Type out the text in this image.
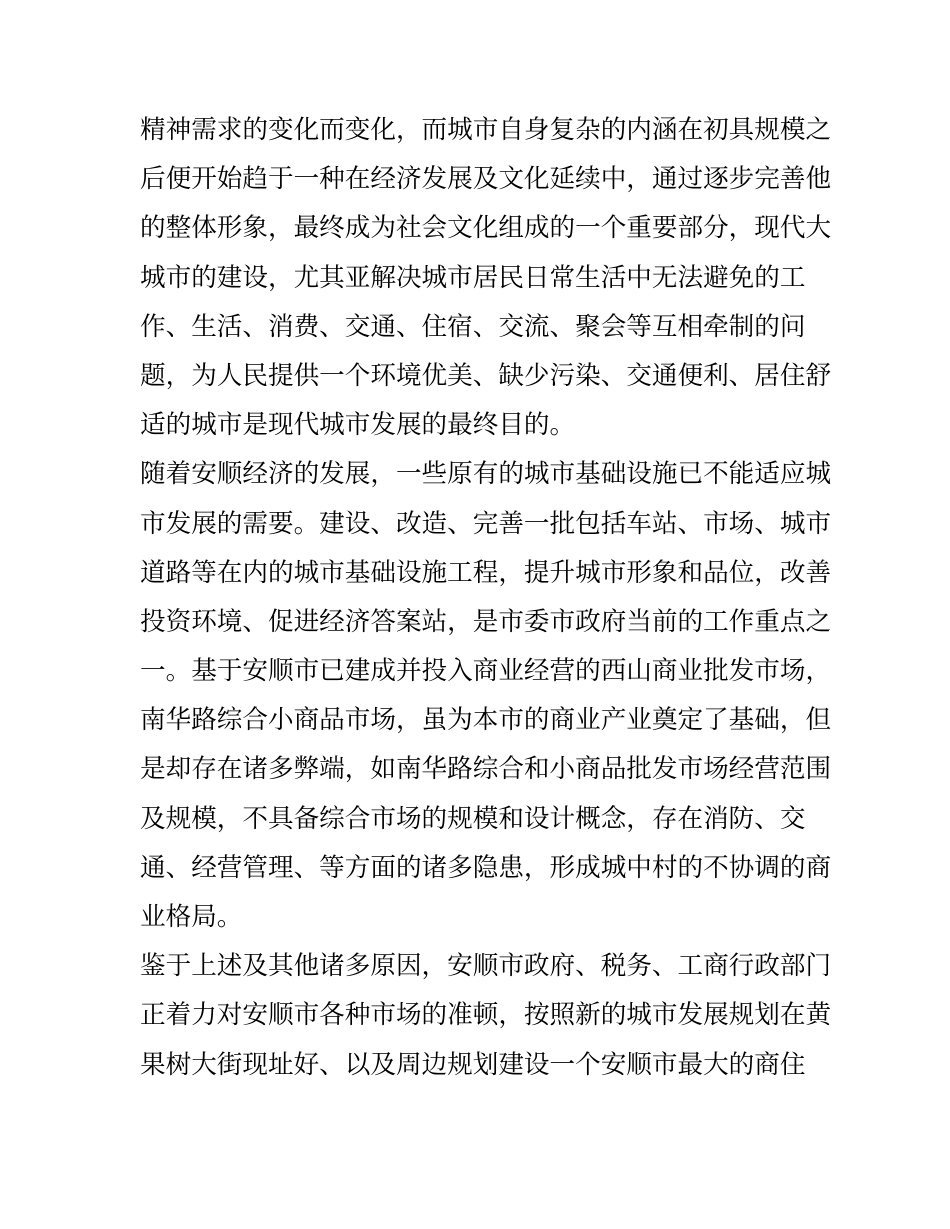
精神需求的变化而变化，而城市自身复杂的内涵在初具规模之
后便开始趋于一种在经济发展及文化延续中，通过逐步完善他
的整体形象，最终成为社会文化组成的一个重要部分，现代大
城市的建设，尤其亚解决城市居民日常生活中无法避免的工
作、生活、消费、交通、住宿、交流、聚会等互相牵制的问
题，为人民提供一个环境优美、缺少污染、交通便利、居住舒
适的城市是现代城市发展的最终目的。
随着安顺经济的发展，一些原有的城市基础设施已不能适应城
市发展的需要。建设、改造、完善一批包括车站、市场、城市
道路等在内的城市基础设施工程，提升城市形象和品位，改善
投资环境、促进经济答案站，是市委市政府当前的工作重点之
一。基于安顺市已建成并投入商业经营的西山商业批发市场，
南华路综合小商品市场，虽为本市的商业产业奠定了基础，但
是却存在诸多弊端，如南华路综合和小商品批发市场经营范围
及规模，不具备综合市场的规模和设计概念，存在消防、交
通、经营管理、等方面的诸多隐患，形成城中村的不协调的商
业格局。
鉴于上述及其他诸多原因，安顺市政府、税务、工商行政部门
正着力对安顺市各种市场的准顿，按照新的城市发展规划在黄
果树大街现址好、以及周边规划建设一个安顺市最大的商住
